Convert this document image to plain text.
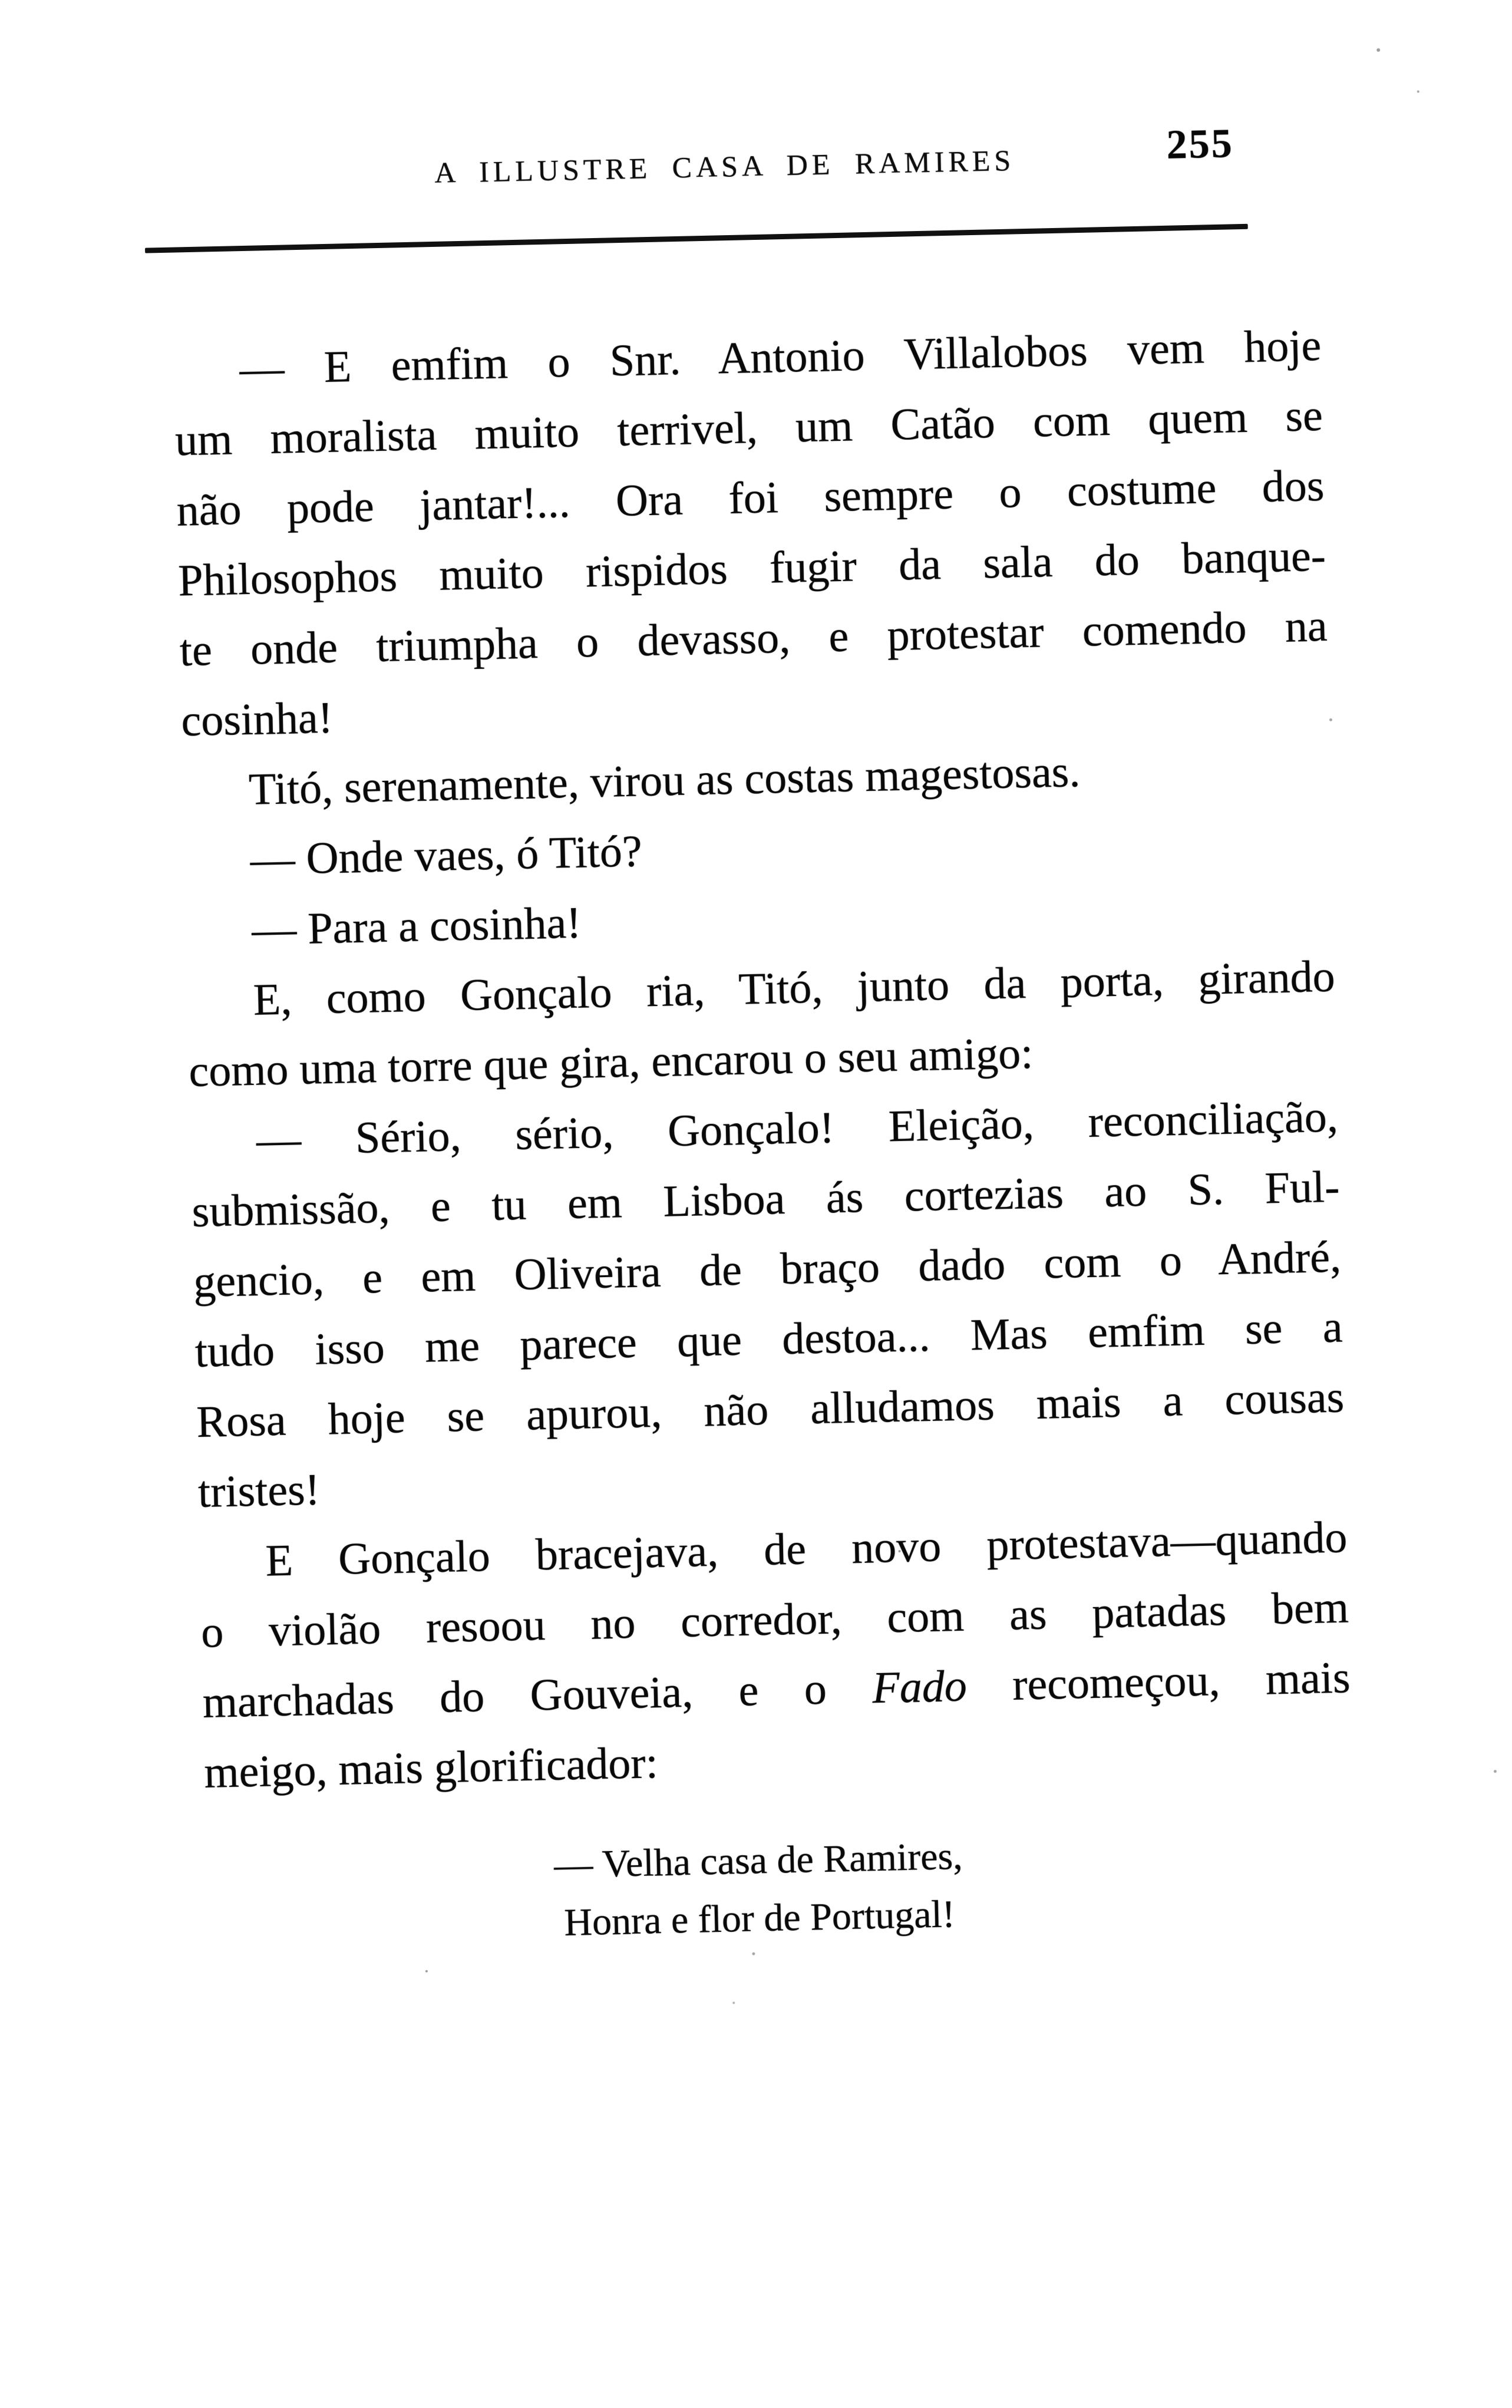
A ILLUSTRE CASA DE RAMIRES	255
— E emfim o Snr. Antonio Villalobos vem hoje
um moralista muito terrivel, um Catão com quem se
não pode jantar!... Ora foi sempre o costume dos
Philosophos muito rispidos fugir da sala do banque-
te onde triumpha o devasso, e protestar comendo na
cosinha!
Titó, serenamente, virou as costas magestosas.
— Onde vaes, ó Titó?
— Para a cosinha!
E, como Gonçalo ria, Titó, junto da porta, girando
como uma torre que gira, encarou o seu amigo:
— Sério, sério, Gonçalo! Eleição, reconciliação,
submissão, e tu em Lisboa ás cortezias ao S. Ful-
gencio, e em Oliveira de braço dado com o André,
tudo isso me parece que destoa... Mas emfim se a
Rosa hoje se apurou, não alludamos mais a cousas
tristes!
E Gonçalo bracejava, de novo protestava—quando
o violão resoou no corredor, com as patadas bem
marchadas do Gouveia, e o Fado recomeçou, mais
meigo, mais glorificador:
— Velha casa de Ramires,
Honra e flor de Portugal!
